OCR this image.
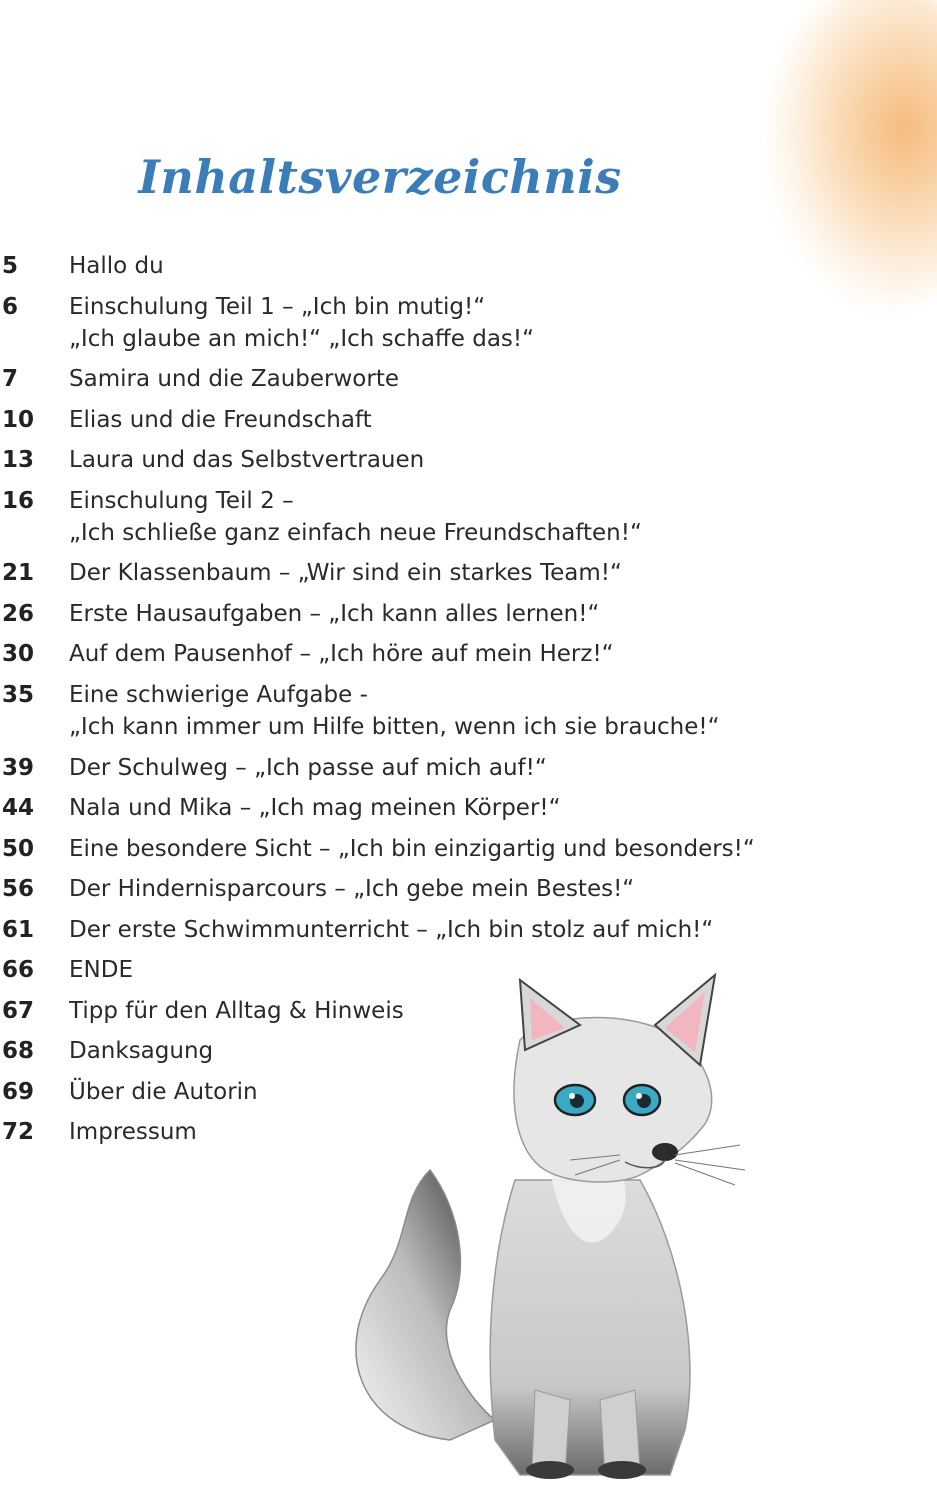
Inhaltsverzeichnis
5	Hallo du
6	Einschulung Teil 1 – „Ich bin mutig!“
„Ich glaube an mich!“ „Ich schaffe das!“
7	Samira und die Zauberworte
10	Elias und die Freundschaft
13	Laura und das Selbstvertrauen
16	Einschulung Teil 2 –
„Ich schließe ganz einfach neue Freundschaften!“
21	Der Klassenbaum – „Wir sind ein starkes Team!“
26	Erste Hausaufgaben – „Ich kann alles lernen!“
30	Auf dem Pausenhof – „Ich höre auf mein Herz!“
35	Eine schwierige Aufgabe -
„Ich kann immer um Hilfe bitten, wenn ich sie brauche!“
39	Der Schulweg – „Ich passe auf mich auf!“
44	Nala und Mika – „Ich mag meinen Körper!“
50	Eine besondere Sicht – „Ich bin einzigartig und besonders!“
56	Der Hindernisparcours – „Ich gebe mein Bestes!“
61	Der erste Schwimmunterricht – „Ich bin stolz auf mich!“
66	ENDE
67	Tipp für den Alltag & Hinweis
68	Danksagung
69	Über die Autorin
72	Impressum
